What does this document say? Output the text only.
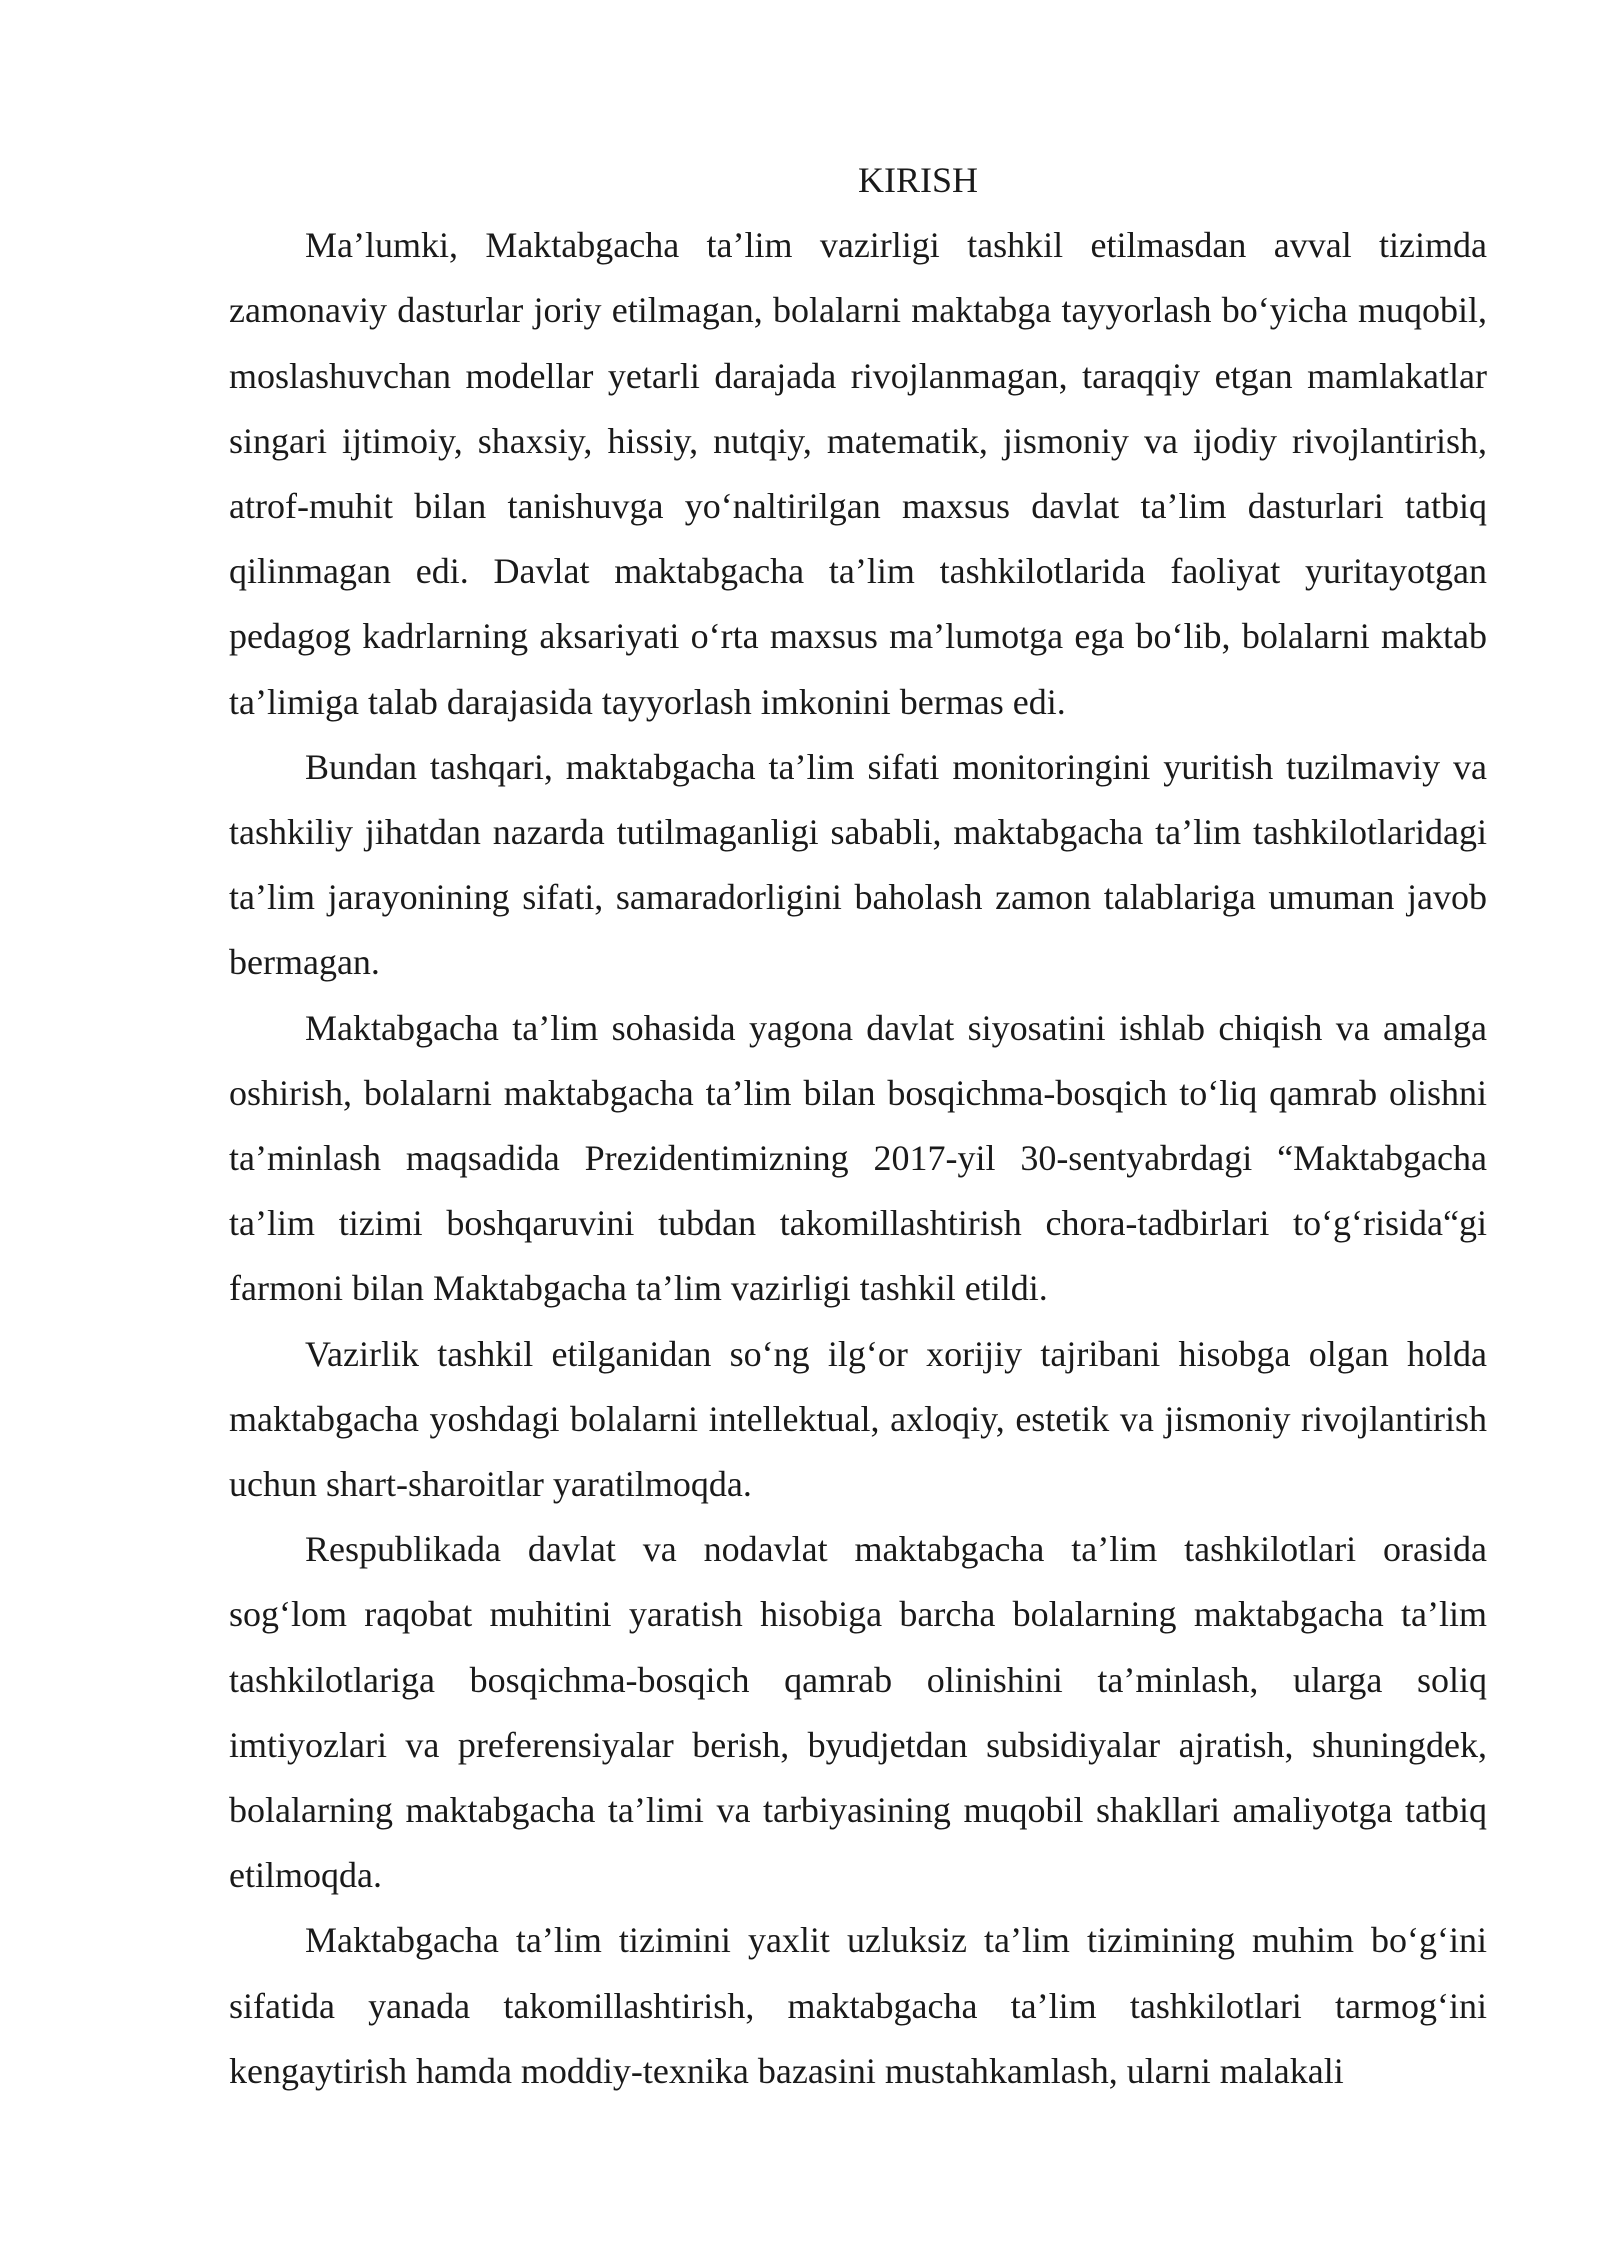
KIRISH

Ma’lumki, Maktabgacha ta’lim vazirligi tashkil etilmasdan avval tizimda zamonaviy dasturlar joriy etilmagan, bolalarni maktabga tayyorlash bo‘yicha muqobil, moslashuvchan modellar yetarli darajada rivojlanmagan, taraqqiy etgan mamlakatlar singari ijtimoiy, shaxsiy, hissiy, nutqiy, matematik, jismoniy va ijodiy rivojlantirish, atrof-muhit bilan tanishuvga yo‘naltirilgan maxsus davlat ta’lim dasturlari tatbiq qilinmagan edi. Davlat maktabgacha ta’lim tashkilotlarida faoliyat yuritayotgan pedagog kadrlarning aksariyati o‘rta maxsus ma’lumotga ega bo‘lib, bolalarni maktab ta’limiga talab darajasida tayyorlash imkonini bermas edi.

Bundan tashqari, maktabgacha ta’lim sifati monitoringini yuritish tuzilmaviy va tashkiliy jihatdan nazarda tutilmaganligi sababli, maktabgacha ta’lim tashkilotlaridagi ta’lim jarayonining sifati, samaradorligini baholash zamon talablariga umuman javob bermagan.

Maktabgacha ta’lim sohasida yagona davlat siyosatini ishlab chiqish va amalga oshirish, bolalarni maktabgacha ta’lim bilan bosqichma-bosqich to‘liq qamrab olishni ta’minlash maqsadida Prezidentimizning 2017-yil 30-sentyabrdagi “Maktabgacha ta’lim tizimi boshqaruvini tubdan takomillashtirish chora-tadbirlari to‘g‘risida“gi farmoni bilan Maktabgacha ta’lim vazirligi tashkil etildi.

Vazirlik tashkil etilganidan so‘ng ilg‘or xorijiy tajribani hisobga olgan holda maktabgacha yoshdagi bolalarni intellektual, axloqiy, estetik va jismoniy rivojlantirish uchun shart-sharoitlar yaratilmoqda.

Respublikada davlat va nodavlat maktabgacha ta’lim tashkilotlari orasida sog‘lom raqobat muhitini yaratish hisobiga barcha bolalarning maktabgacha ta’lim tashkilotlariga bosqichma-bosqich qamrab olinishini ta’minlash, ularga soliq imtiyozlari va preferensiyalar berish, byudjetdan subsidiyalar ajratish, shuningdek, bolalarning maktabgacha ta’limi va tarbiyasining muqobil shakllari amaliyotga tatbiq etilmoqda.

Maktabgacha ta’lim tizimini yaxlit uzluksiz ta’lim tizimining muhim bo‘g‘ini sifatida yanada takomillashtirish, maktabgacha ta’lim tashkilotlari tarmog‘ini kengaytirish hamda moddiy-texnika bazasini mustahkamlash, ularni malakali
